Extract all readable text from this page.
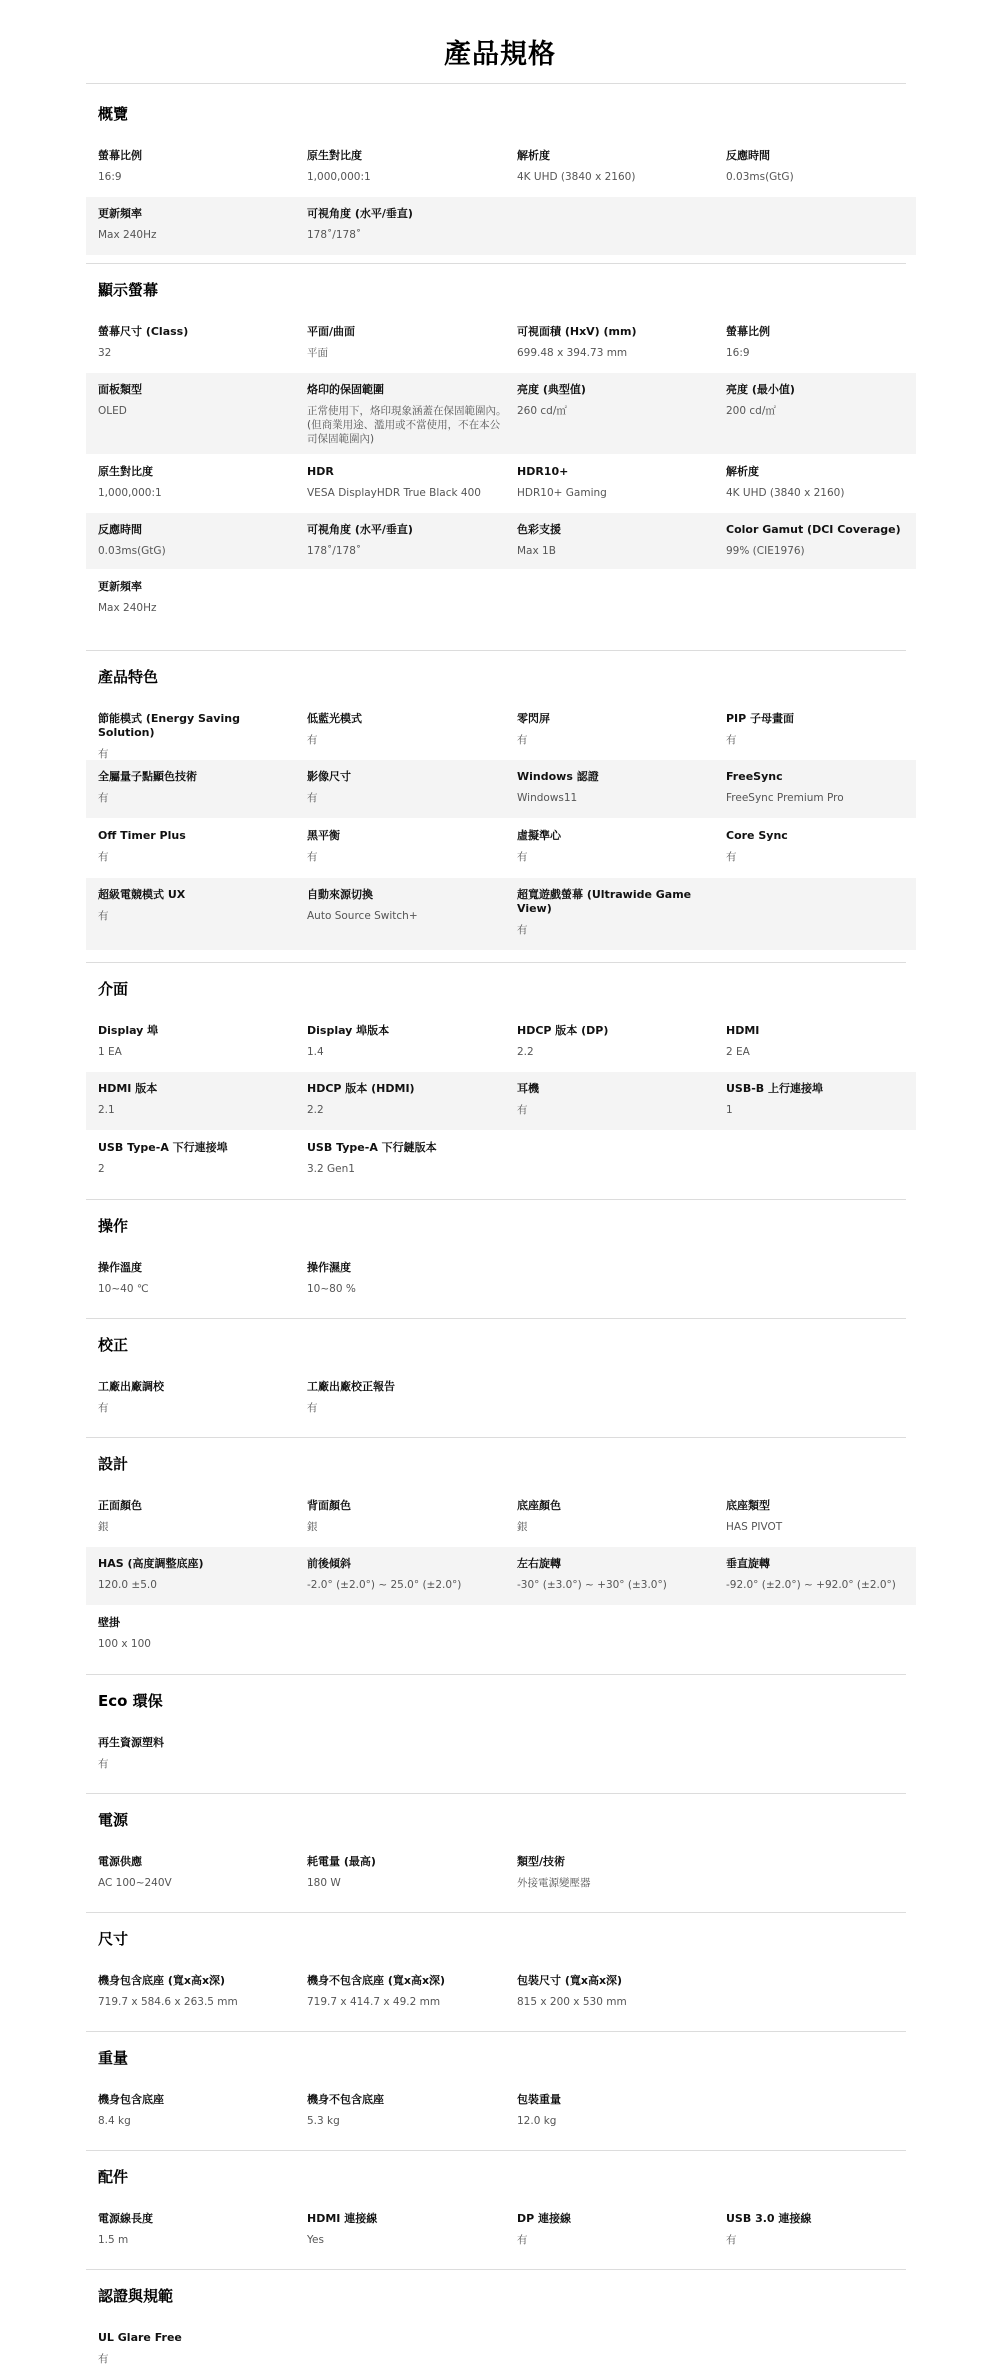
產品規格
概覽
螢幕比例
16:9
原生對比度
1,000,000:1
解析度
4K UHD (3840 x 2160)
反應時間
0.03ms(GtG)
更新頻率
Max 240Hz
可視角度 (水平/垂直)
178˚/178˚
顯示螢幕
螢幕尺寸 (Class)
32
平面/曲面
平面
可視面積 (HxV) (mm)
699.48 x 394.73 mm
螢幕比例
16:9
面板類型
OLED
烙印的保固範圍
正常使用下，烙印現象涵蓋在保固範圍內。(但商業用途、濫用或不當使用，不在本公司保固範圍內)
亮度 (典型值)
260 cd/㎡
亮度 (最小值)
200 cd/㎡
原生對比度
1,000,000:1
HDR
VESA DisplayHDR True Black 400
HDR10+
HDR10+ Gaming
解析度
4K UHD (3840 x 2160)
反應時間
0.03ms(GtG)
可視角度 (水平/垂直)
178˚/178˚
色彩支援
Max 1B
Color Gamut (DCI Coverage)
99% (CIE1976)
更新頻率
Max 240Hz
產品特色
節能模式 (Energy Saving Solution)
有
低藍光模式
有
零閃屏
有
PIP 子母畫面
有
全屬量子點顯色技術
有
影像尺寸
有
Windows 認證
Windows11
FreeSync
FreeSync Premium Pro
Off Timer Plus
有
黑平衡
有
虛擬準心
有
Core Sync
有
超級電競模式 UX
有
自動來源切換
Auto Source Switch+
超寬遊戲螢幕 (Ultrawide Game View)
有
介面
Display 埠
1 EA
Display 埠版本
1.4
HDCP 版本 (DP)
2.2
HDMI
2 EA
HDMI 版本
2.1
HDCP 版本 (HDMI)
2.2
耳機
有
USB-B 上行連接埠
1
USB Type-A 下行連接埠
2
USB Type-A 下行鏈版本
3.2 Gen1
操作
操作溫度
10~40 ℃
操作濕度
10~80 %
校正
工廠出廠調校
有
工廠出廠校正報告
有
設計
正面顏色
銀
背面顏色
銀
底座顏色
銀
底座類型
HAS PIVOT
HAS (高度調整底座)
120.0 ±5.0
前後傾斜
-2.0° (±2.0°) ~ 25.0° (±2.0°)
左右旋轉
-30° (±3.0°) ~ +30° (±3.0°)
垂直旋轉
-92.0° (±2.0°) ~ +92.0° (±2.0°)
壁掛
100 x 100
Eco 環保
再生資源塑料
有
電源
電源供應
AC 100~240V
耗電量 (最高)
180 W
類型/技術
外接電源變壓器
尺寸
機身包含底座 (寬x高x深)
719.7 x 584.6 x 263.5 mm
機身不包含底座 (寬x高x深)
719.7 x 414.7 x 49.2 mm
包裝尺寸 (寬x高x深)
815 x 200 x 530 mm
重量
機身包含底座
8.4 kg
機身不包含底座
5.3 kg
包裝重量
12.0 kg
配件
電源線長度
1.5 m
HDMI 連接線
Yes
DP 連接線
有
USB 3.0 連接線
有
認證與規範
UL Glare Free
有
